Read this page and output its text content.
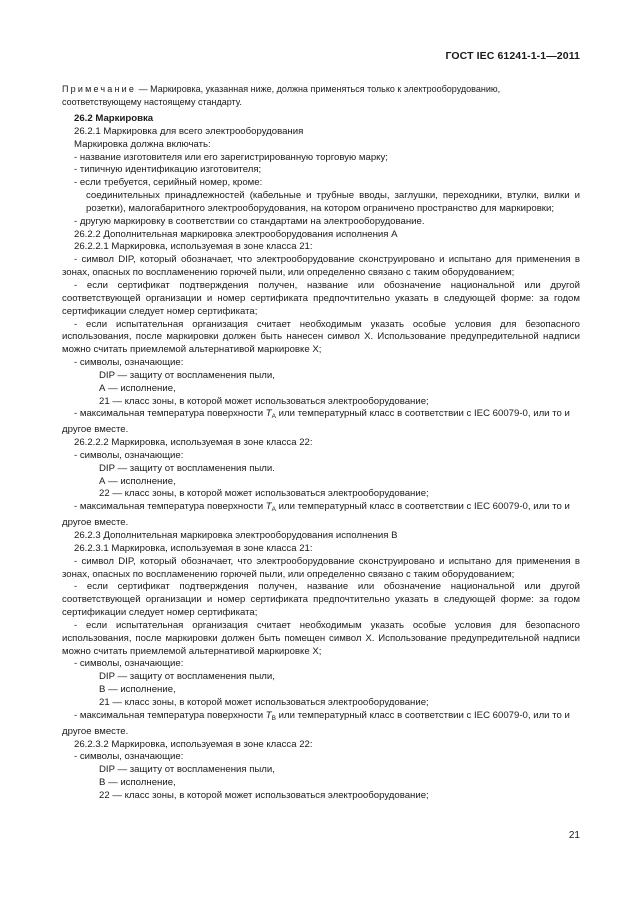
ГОСТ IEC 61241-1-1—2011
Примечание — Маркировка, указанная ниже, должна применяться только к электрооборудованию, соответствующему настоящему стандарту.

26.2 Маркировка

26.2.1 Маркировка для всего электрооборудования

Маркировка должна включать:

- название изготовителя или его зарегистрированную торговую марку;

- типичную идентификацию изготовителя;

- если требуется, серийный номер, кроме:

соединительных принадлежностей (кабельные и трубные вводы, заглушки, переходники, втулки, вилки и розетки), малогабаритного электрооборудования, на котором ограничено пространство для маркировки;

- другую маркировку в соответствии со стандартами на электрооборудование.

26.2.2 Дополнительная маркировка электрооборудования исполнения А

26.2.2.1 Маркировка, используемая в зоне класса 21:

- символ DIP, который обозначает, что электрооборудование сконструировано и испытано для применения в зонах, опасных по воспламенению горючей пыли, или определенно связано с таким оборудованием;

- если сертификат подтверждения получен, название или обозначение национальной или другой соответствующей организации и номер сертификата предпочтительно указать в следующей форме: за годом сертификации следует номер сертификата;

- если испытательная организация считает необходимым указать особые условия для безопасного использования, после маркировки должен быть нанесен символ X. Использование предупредительной надписи можно считать приемлемой альтернативой маркировке X;

- символы, означающие:

DIP — защиту от воспламенения пыли,

А — исполнение,

21 — класс зоны, в которой может использоваться электрооборудование;

- максимальная температура поверхности $T_A$ или температурный класс в соответствии с IEC 60079-0, или то и другое вместе.

26.2.2.2 Маркировка, используемая в зоне класса 22:

- символы, означающие:

DIP — защиту от воспламенения пыли.

А — исполнение,

22 — класс зоны, в которой может использоваться электрооборудование;

- максимальная температура поверхности $T_A$ или температурный класс в соответствии с IEC 60079-0, или то и другое вместе.

26.2.3 Дополнительная маркировка электрооборудования исполнения В

26.2.3.1 Маркировка, используемая в зоне класса 21:

- символ DIP, который обозначает, что электрооборудование сконструировано и испытано для применения в зонах, опасных по воспламенению горючей пыли, или определенно связано с таким оборудованием;

- если сертификат подтверждения получен, название или обозначение национальной или другой соответствующей организации и номер сертификата предпочтительно указать в следующей форме: за годом сертификации следует номер сертификата;

- если испытательная организация считает необходимым указать особые условия для безопасного использования, после маркировки должен быть помещен символ X. Использование предупредительной надписи можно считать приемлемой альтернативой маркировке X;

- символы, означающие:

DIP — защиту от воспламенения пыли,

В — исполнение,

21 — класс зоны, в которой может использоваться электрооборудование;

- максимальная температура поверхности $T_B$ или температурный класс в соответствии с IEC 60079-0, или то и другое вместе.

26.2.3.2 Маркировка, используемая в зоне класса 22:

- символы, означающие:

DIP — защиту от воспламенения пыли,

В — исполнение,

22 — класс зоны, в которой может использоваться электрооборудование;

21
